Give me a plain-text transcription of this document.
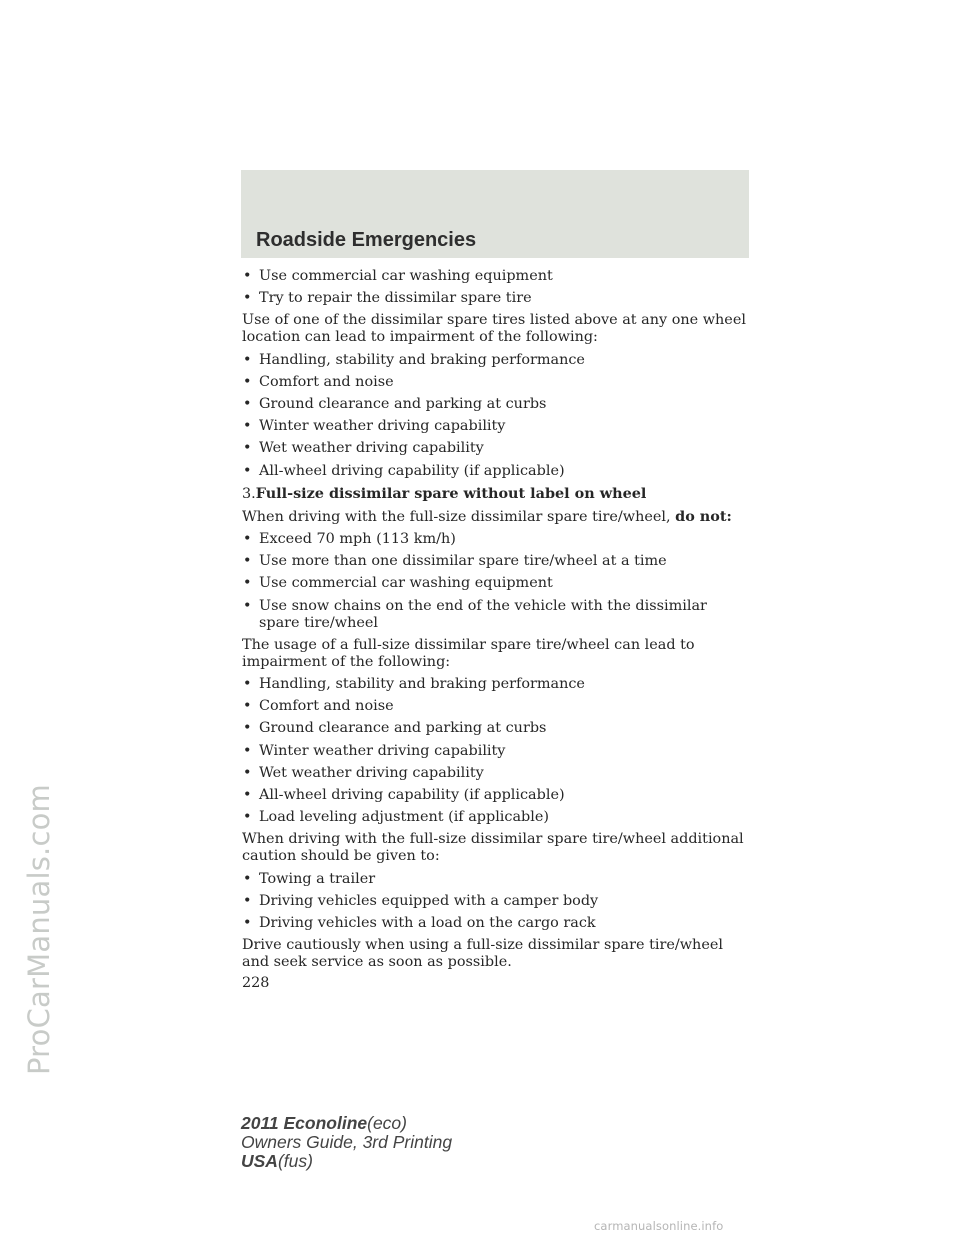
Roadside Emergencies
• Use commercial car washing equipment
• Try to repair the dissimilar spare tire
Use of one of the dissimilar spare tires listed above at any one wheel location can lead to impairment of the following:
• Handling, stability and braking performance
• Comfort and noise
• Ground clearance and parking at curbs
• Winter weather driving capability
• Wet weather driving capability
• All-wheel driving capability (if applicable)
3.Full-size dissimilar spare without label on wheel
When driving with the full-size dissimilar spare tire/wheel, do not:
• Exceed 70 mph (113 km/h)
• Use more than one dissimilar spare tire/wheel at a time
• Use commercial car washing equipment
• Use snow chains on the end of the vehicle with the dissimilar spare tire/wheel
The usage of a full-size dissimilar spare tire/wheel can lead to impairment of the following:
• Handling, stability and braking performance
• Comfort and noise
• Ground clearance and parking at curbs
• Winter weather driving capability
• Wet weather driving capability
• All-wheel driving capability (if applicable)
• Load leveling adjustment (if applicable)
When driving with the full-size dissimilar spare tire/wheel additional caution should be given to:
• Towing a trailer
• Driving vehicles equipped with a camper body
• Driving vehicles with a load on the cargo rack
Drive cautiously when using a full-size dissimilar spare tire/wheel and seek service as soon as possible.
228
ProCarManuals.com
2011 Econoline(eco)
Owners Guide, 3rd Printing
USA(fus)
carmanualsonline.info
